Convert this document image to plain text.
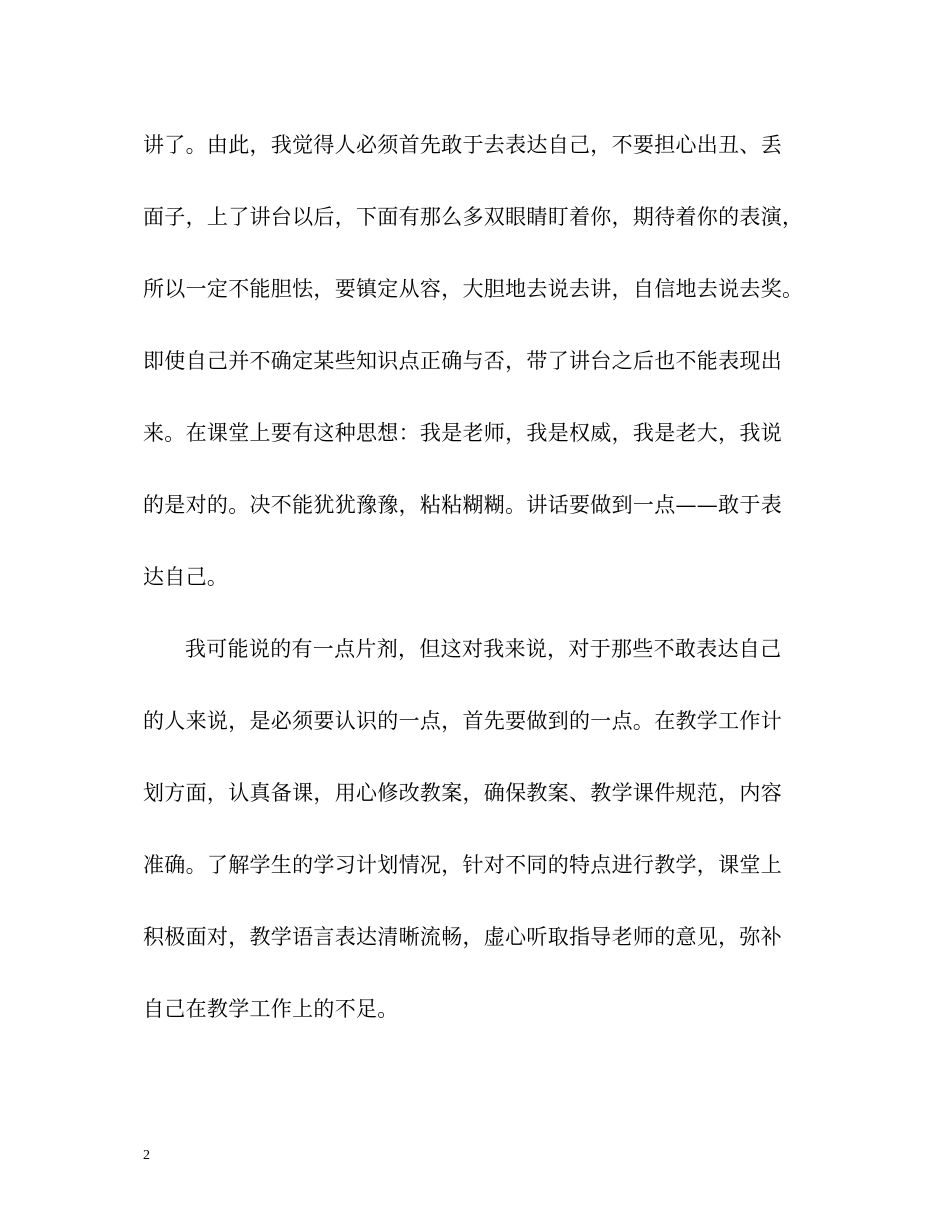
讲了。由此，我觉得人必须首先敢于去表达自己，不要担心出丑、丢
面子，上了讲台以后，下面有那么多双眼睛盯着你，期待着你的表演，
所以一定不能胆怯，要镇定从容，大胆地去说去讲，自信地去说去奖。
即使自己并不确定某些知识点正确与否，带了讲台之后也不能表现出
来。在课堂上要有这种思想：我是老师，我是权威，我是老大，我说
的是对的。决不能犹犹豫豫，粘粘糊糊。讲话要做到一点——敢于表
达自己。
我可能说的有一点片剂，但这对我来说，对于那些不敢表达自己
的人来说，是必须要认识的一点，首先要做到的一点。在教学工作计
划方面，认真备课，用心修改教案，确保教案、教学课件规范，内容
准确。了解学生的学习计划情况，针对不同的特点进行教学，课堂上
积极面对，教学语言表达清晰流畅，虚心听取指导老师的意见，弥补
自己在教学工作上的不足。
2
